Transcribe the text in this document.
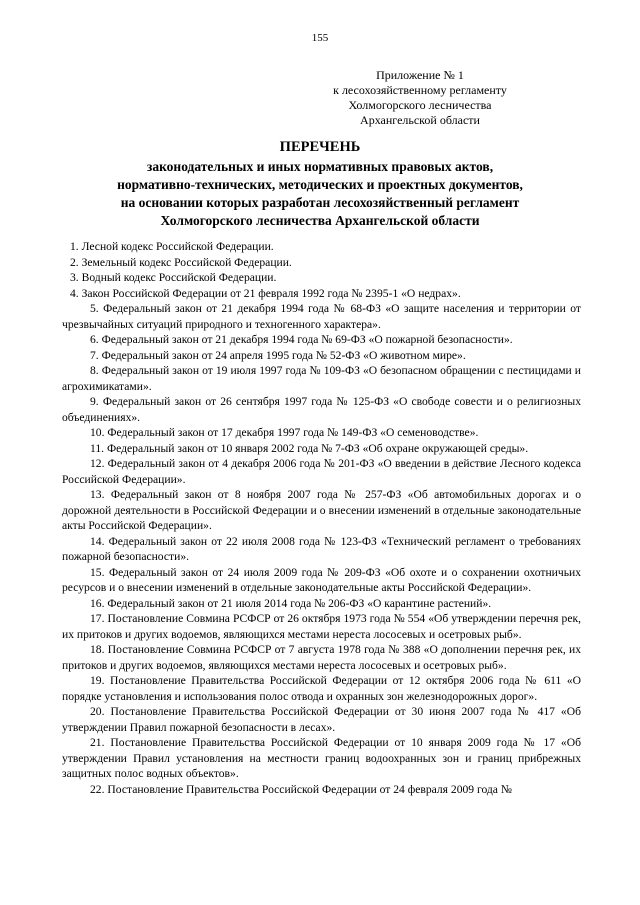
155
Приложение № 1
к лесохозяйственному регламенту
Холмогорского лесничества
Архангельской области
ПЕРЕЧЕНЬ
законодательных и иных нормативных правовых актов,
нормативно-технических, методических и проектных документов,
на основании которых разработан лесохозяйственный регламент
Холмогорского лесничества Архангельской области
1. Лесной кодекс Российской Федерации.
2. Земельный кодекс Российской Федерации.
3. Водный кодекс Российской Федерации.
4. Закон Российской Федерации от 21 февраля 1992 года № 2395-1 «О недрах».
5. Федеральный закон от 21 декабря 1994 года № 68-ФЗ «О защите населения и территории от чрезвычайных ситуаций природного и техногенного характера».
6. Федеральный закон от 21 декабря 1994 года № 69-ФЗ «О пожарной безопасности».
7. Федеральный закон от 24 апреля 1995 года № 52-ФЗ «О животном мире».
8. Федеральный закон от 19 июля 1997 года № 109-ФЗ «О безопасном обращении с пестицидами и агрохимикатами».
9. Федеральный закон от 26 сентября 1997 года № 125-ФЗ «О свободе совести и о религиозных объединениях».
10. Федеральный закон от 17 декабря 1997 года № 149-ФЗ «О семеноводстве».
11. Федеральный закон от 10 января 2002 года № 7-ФЗ «Об охране окружающей среды».
12. Федеральный закон от 4 декабря 2006 года № 201-ФЗ «О введении в действие Лесного кодекса Российской Федерации».
13. Федеральный закон от 8 ноября 2007 года № 257-ФЗ «Об автомобильных дорогах и о дорожной деятельности в Российской Федерации и о внесении изменений в отдельные законодательные акты Российской Федерации».
14. Федеральный закон от 22 июля 2008 года № 123-ФЗ «Технический регламент о требованиях пожарной безопасности».
15. Федеральный закон от 24 июля 2009 года № 209-ФЗ «Об охоте и о сохранении охотничьих ресурсов и о внесении изменений в отдельные законодательные акты Российской Федерации».
16. Федеральный закон от 21 июля 2014 года № 206-ФЗ «О карантине растений».
17. Постановление Совмина РСФСР от 26 октября 1973 года № 554 «Об утверждении перечня рек, их притоков и других водоемов, являющихся местами нереста лососевых и осетровых рыб».
18. Постановление Совмина РСФСР от 7 августа 1978 года № 388 «О дополнении перечня рек, их притоков и других водоемов, являющихся местами нереста лососевых и осетровых рыб».
19. Постановление Правительства Российской Федерации от 12 октября 2006 года № 611 «О порядке установления и использования полос отвода и охранных зон железнодорожных дорог».
20. Постановление Правительства Российской Федерации от 30 июня 2007 года № 417 «Об утверждении Правил пожарной безопасности в лесах».
21. Постановление Правительства Российской Федерации от 10 января 2009 года № 17 «Об утверждении Правил установления на местности границ водоохранных зон и границ прибрежных защитных полос водных объектов».
22. Постановление Правительства Российской Федерации от 24 февраля 2009 года №
